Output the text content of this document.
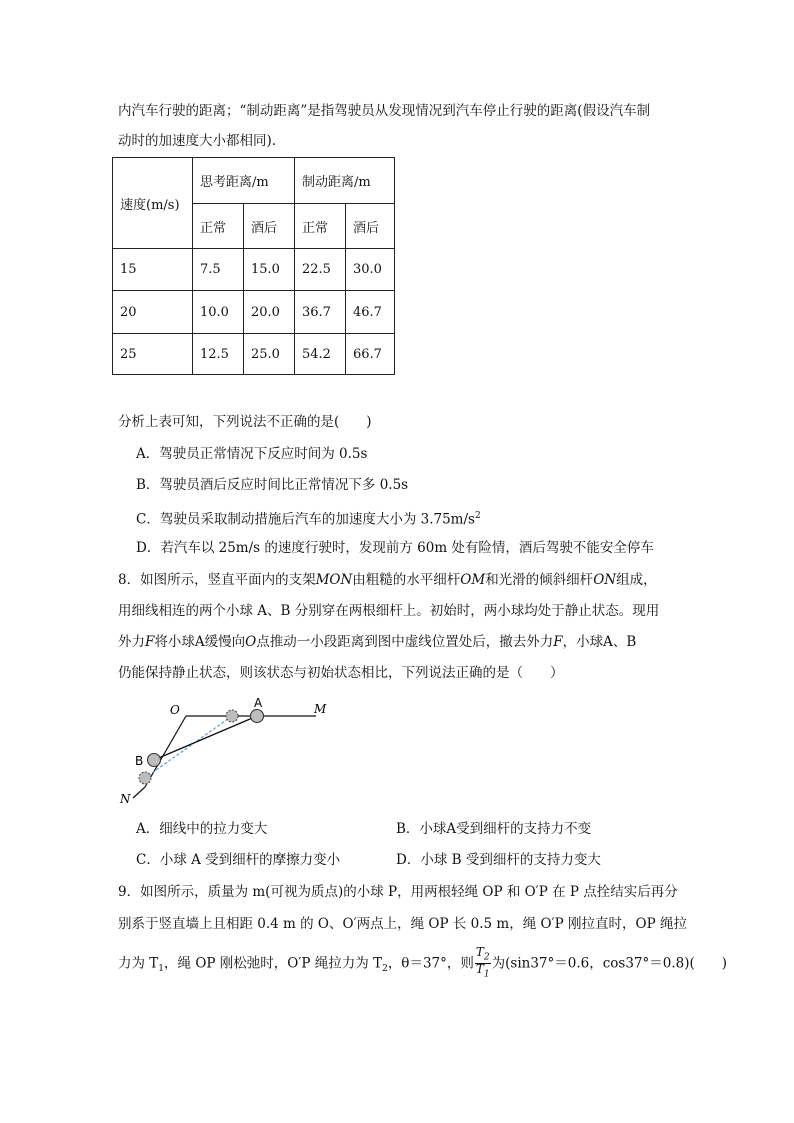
内汽车行驶的距离；“制动距离”是指驾驶员从发现情况到汽车停止行驶的距离(假设汽车制
动时的加速度大小都相同).
速度(m/s)	思考距离/m		制动距离/m	
	正常	酒后	正常	酒后
15	7.5	15.0	22.5	30.0
20	10.0	20.0	36.7	46.7
25	12.5	25.0	54.2	66.7
分析上表可知，下列说法不正确的是(　　)
A．驾驶员正常情况下反应时间为 0.5s
B．驾驶员酒后反应时间比正常情况下多 0.5s
C．驾驶员采取制动措施后汽车的加速度大小为 $3.75m/s^2$
D．若汽车以 25m/s 的速度行驶时，发现前方 60m 处有险情，酒后驾驶不能安全停车
8．如图所示，竖直平面内的支架MON由粗糙的水平细杆OM和光滑的倾斜细杆ON组成，
用细线相连的两个小球 A、B 分别穿在两根细杆上。初始时，两小球均处于静止状态。现用
外力F将小球A缓慢向O点推动一小段距离到图中虚线位置处后，撤去外力F，小球A、B
仍能保持静止状态，则该状态与初始状态相比，下列说法正确的是（　　）
O	A	M
B
N
A．细线中的拉力变大	B．小球A受到细杆的支持力不变
C．小球 A 受到细杆的摩擦力变小	D．小球 B 受到细杆的支持力变大
9．如图所示，质量为 m(可视为质点)的小球 P，用两根轻绳 OP 和 O′P 在 P 点拴结实后再分
别系于竖直墙上且相距 0.4 m 的 O、O′两点上，绳 OP 长 0.5 m，绳 O′P 刚拉直时，OP 绳拉
力为 $T_1$，绳 OP 刚松弛时，O′P 绳拉力为 $T_2$，θ＝37°，则 $\frac{T_2}{T_1}$ 为(sin37°＝0.6，cos37°＝0.8)(　　)
